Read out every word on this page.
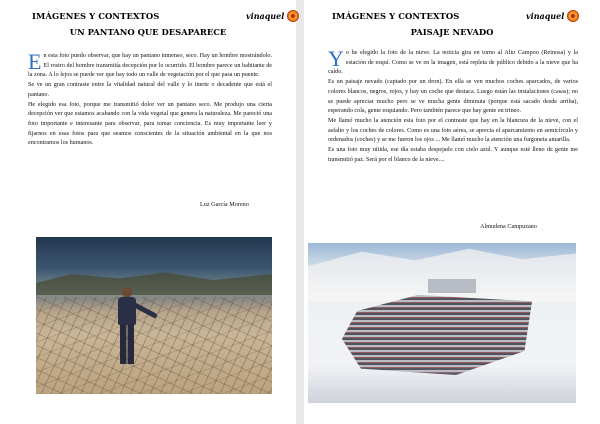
IMÁGENES Y CONTEXTOS	vinaquel
UN PANTANO QUE DESAPARECE

En esta foto puedo observar, que hay un pantano inmenso, seco. Hay un hombre mostrándolo. El rostro del hombre transmitía decepción por lo ocurrido. El hombre parece un habitante de la zona. A lo lejos se puede ver que hay todo un valle de vegetación por el que pasa un puente.

Se ve un gran contraste entre la vitalidad natural del valle y lo inerte o decadente que está el pantano.

He elegido esa foto, porque me transmitió dolor ver un pantano seco. Me produjo una cierta decepción ver que estamos acabando con la vida vegetal que genera la naturaleza. Me pareció una foto importante e interesante para observar, para tomar conciencia. Es muy importante leer y fijarnos en esas fotos para que seamos conscientes de la situación ambiental en la que nos encontramos los humanos.

Luz García Moreno
IMÁGENES Y CONTEXTOS	vinaquel
PAISAJE NEVADO

Yo he elegido la foto de la nieve. La noticia gira en torno al Alto Campoo (Reinosa) y la estación de esquí. Como se ve en la imagen, está repleta de público debido a la nieve que ha caído.

Es un paisaje nevado (captado por un dron). En ella se ven muchos coches aparcados, de varios colores blancos, negros, rojos, y hay un coche que destaca. Luego están las instalaciones (casas); no se puede apreciar mucho pero se ve mucha gente diminuta (porque está sacado desde arriba), esperando cola, gente esquiando. Pero también parece que hay gente en trineo.

Me llamó mucho la atención esta foto por el contraste que hay en la blancura de la nieve, con el asfalto y los coches de colores. Como es una foto aérea, se aprecia el aparcamiento en semicírculo y ordenados (coches) y se me fueron los ojos ... Me llamó mucho la atención una furgoneta amarilla.

Es una foto muy nítida, ese día estaba despejado con cielo azul. Y aunque esté lleno de gente me transmitió paz. Será por el blanco de la nieve....

Almudena Campuzano
